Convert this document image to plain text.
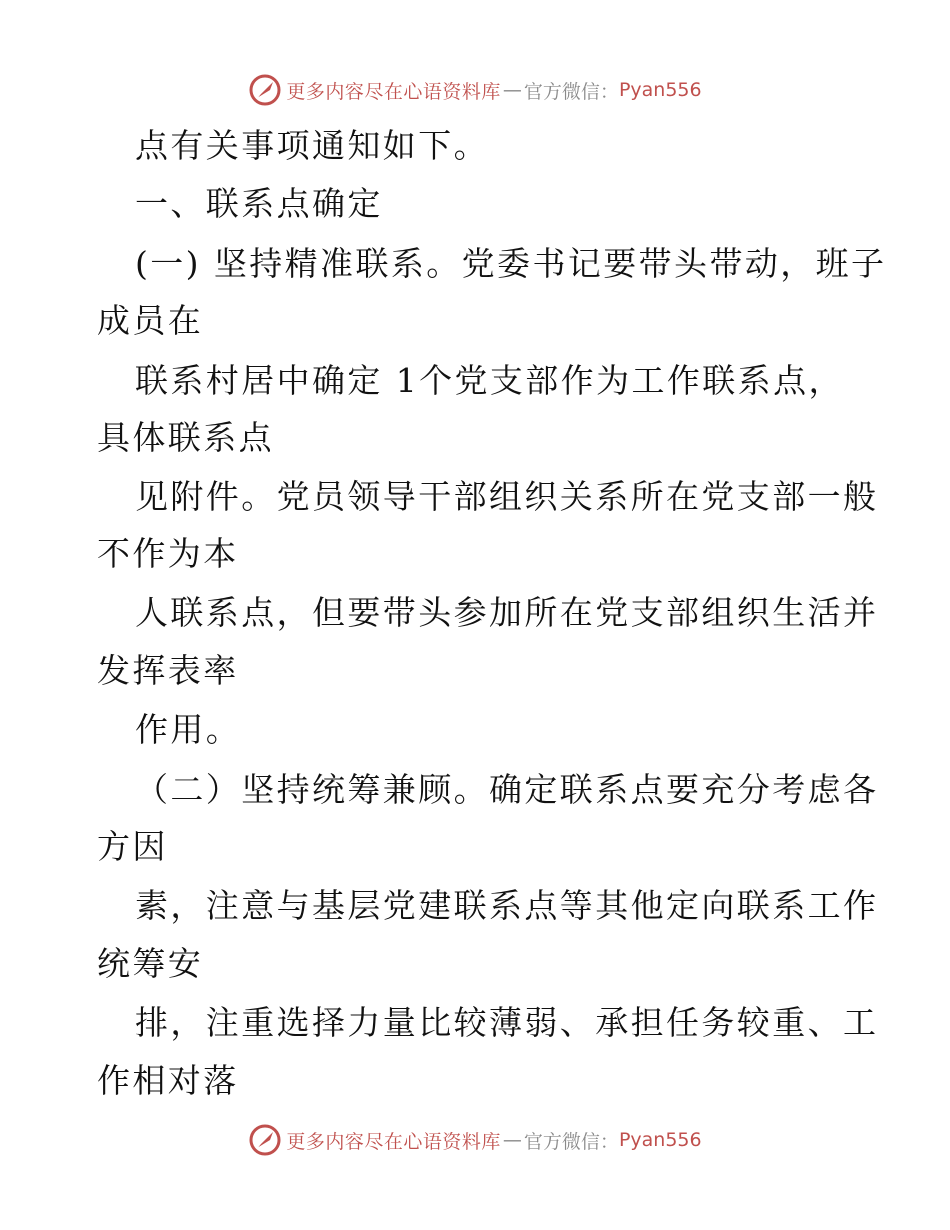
更多内容尽在心语资料库 — 官方微信： Pyan556
点有关事项通知如下。
一、联系点确定
(一) 坚持精准联系。党委书记要带头带动，班子
成员在
联系村居中确定 1个党支部作为工作联系点，
具体联系点
见附件。党员领导干部组织关系所在党支部一般
不作为本
人联系点，但要带头参加所在党支部组织生活并
发挥表率
作用。
（二）坚持统筹兼顾。确定联系点要充分考虑各
方因
素，注意与基层党建联系点等其他定向联系工作
统筹安
排，注重选择力量比较薄弱、承担任务较重、工
作相对落
更多内容尽在心语资料库 — 官方微信： Pyan556
